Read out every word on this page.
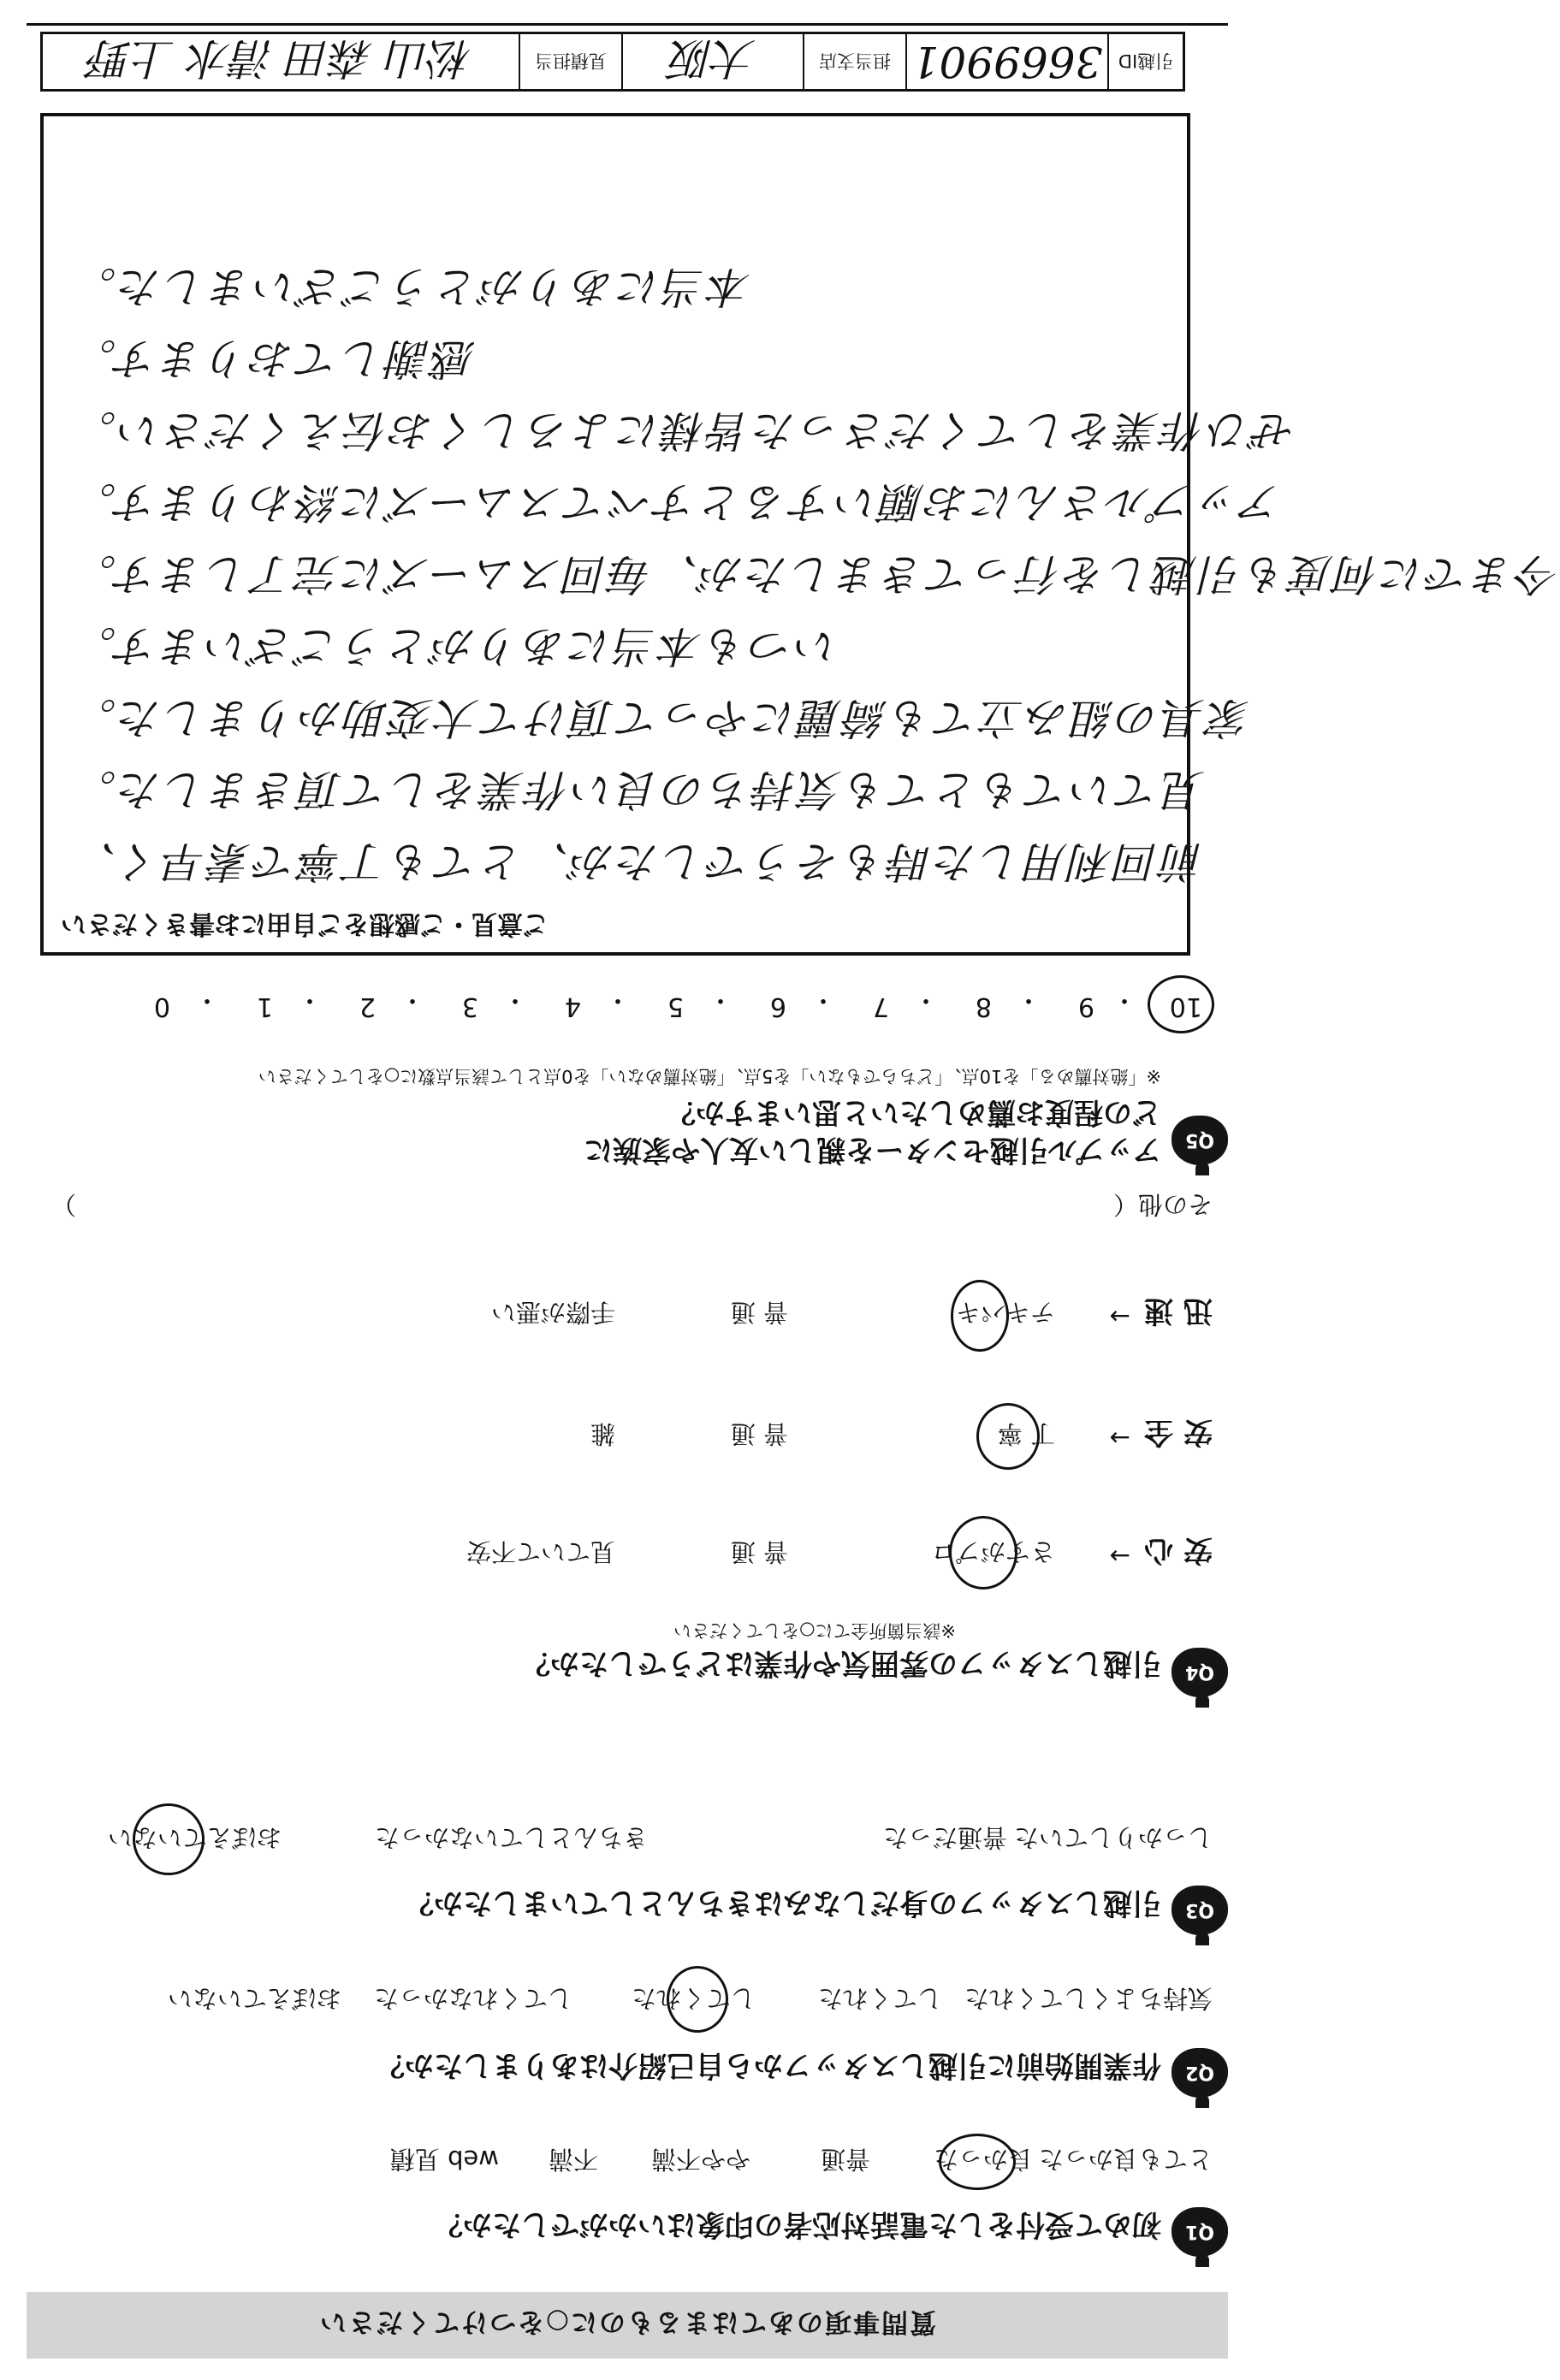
質問事項のあてはまるものに○をつけてください
Q1
初めて受付をした電話対応者の印象はいかがでしたか？
とても良かった
良かった
普通
やや不満
不満
web 見積
Q2
作業開始前に引越しスタッフから自己紹介はありましたか？
気持ちよくしてくれた
してくれた
してくれた
してくれなかった
おぼえていない
Q3
引越しスタッフの身だしなみはきちんとしていましたか？
しっかりしていた
普通だった
きちんとしていなかった
おぼえていない
Q4
引越しスタッフの雰囲気や作業はどうでしたか？
※該当箇所全てに○をしてください
安 心
→
さすがプロ
普 通
見ていて不安
安 全
→
丁 寧
普 通
雑
迅 速
→
テキパキ
普 通
手際が悪い
その他（
）
Q5
アップル引越センターを親しい友人や家族に
どの程度お薦めしたいと思いますか？
※「絶対薦める」を10点、「どちらでもない」を5点、「絶対薦めない」を0点として該当点数に○をしてください
10
9
8
7
6
5
4
3
2
1
0	・
・
・
・
・
・
・
・
・
・
ご意見・ご感想をご自由にお書きください
前回利用した時もそうでしたが、とても丁寧で素早く、
見ていてもとても気持ちの良い作業をして頂きました。
家具の組み立ても綺麗にやって頂けて大変助かりました。
いつも本当にありがとうございます。
今までに何度も引越しを行ってきましたが、毎回スムーズに完了します。
アップルさんにお願いするとすべてスムーズに終わります。
ぜひ作業をしてくださった皆様によろしくお伝えください。
感謝しております。
本当にありがとうございました。
引越ID
3669901
担当支店
大阪
見積担当
松山 森田 清水 上野
